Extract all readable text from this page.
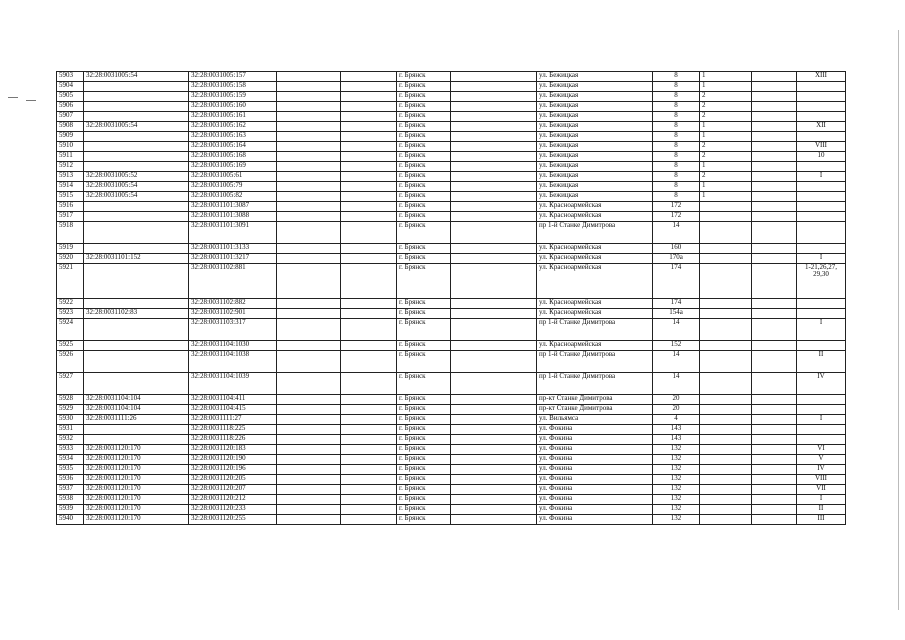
5903	32:28:0031005:54	32:28:0031005:157			г. Брянск		ул. Бежицкая	8	1		XIII
5904		32:28:0031005:158			г. Брянск		ул. Бежицкая	8	1		
5905		32:28:0031005:159			г. Брянск		ул. Бежицкая	8	2		
5906		32:28:0031005:160			г. Брянск		ул. Бежицкая	8	2		
5907		32:28:0031005:161			г. Брянск		ул. Бежицкая	8	2		
5908	32:28:0031005:54	32:28:0031005:162			г. Брянск		ул. Бежицкая	8	1		XII
5909		32:28:0031005:163			г. Брянск		ул. Бежицкая	8	1		
5910		32:28:0031005:164			г. Брянск		ул. Бежицкая	8	2		VIII
5911		32:28:0031005:168			г. Брянск		ул. Бежицкая	8	2		10
5912		32:28:0031005:169			г. Брянск		ул. Бежицкая	8	1		
5913	32:28:0031005:52	32:28:0031005:61			г. Брянск		ул. Бежицкая	8	2		I
5914	32:28:0031005:54	32:28:0031005:79			г. Брянск		ул. Бежицкая	8	1		
5915	32:28:0031005:54	32:28:0031005:82			г. Брянск		ул. Бежицкая	8	1		
5916		32:28:0031101:3087			г. Брянск		ул. Красноармейская	172			
5917		32:28:0031101:3088			г. Брянск		ул. Красноармейская	172			
5918		32:28:0031101:3091			г. Брянск		пр 1-й Станке Димитрова	14			
5919		32:28:0031101:3133			г. Брянск		ул. Красноармейская	160			
5920	32:28:0031101:152	32:28:0031101:3217			г. Брянск		ул. Красноармейская	170а			I
5921		32:28:0031102:881			г. Брянск		ул. Красноармейская	174			1-21,26,27, 29,30
5922		32:28:0031102:882			г. Брянск		ул. Красноармейская	174			
5923	32:28:0031102:83	32:28:0031102:901			г. Брянск		ул. Красноармейская	154а			
5924		32:28:0031103:317			г. Брянск		пр 1-й Станке Димитрова	14			I
5925		32:28:0031104:1030			г. Брянск		ул. Красноармейская	152			
5926		32:28:0031104:1038			г. Брянск		пр 1-й Станке Димитрова	14			II
5927		32:28:0031104:1039			г. Брянск		пр 1-й Станке Димитрова	14			IV
5928	32:28:0031104:104	32:28:0031104:411			г. Брянск		пр-кт Станке Димитрова	20			
5929	32:28:0031104:104	32:28:0031104:415			г. Брянск		пр-кт Станке Димитрова	20			
5930	32:28:0031111:26	32:28:0031111:27			г. Брянск		ул. Вильямса	4			I
5931		32:28:0031118:225			г. Брянск		ул. Фокина	143			
5932		32:28:0031118:226			г. Брянск		ул. Фокина	143			
5933	32:28:0031120:170	32:28:0031120:183			г. Брянск		ул. Фокина	132			VI
5934	32:28:0031120:170	32:28:0031120:190			г. Брянск		ул. Фокина	132			V
5935	32:28:0031120:170	32:28:0031120:196			г. Брянск		ул. Фокина	132			IV
5936	32:28:0031120:170	32:28:0031120:205			г. Брянск		ул. Фокина	132			VIII
5937	32:28:0031120:170	32:28:0031120:207			г. Брянск		ул. Фокина	132			VII
5938	32:28:0031120:170	32:28:0031120:212			г. Брянск		ул. Фокина	132			I
5939	32:28:0031120:170	32:28:0031120:233			г. Брянск		ул. Фокина	132			II
5940	32:28:0031120:170	32:28:0031120:255			г. Брянск		ул. Фокина	132			III
